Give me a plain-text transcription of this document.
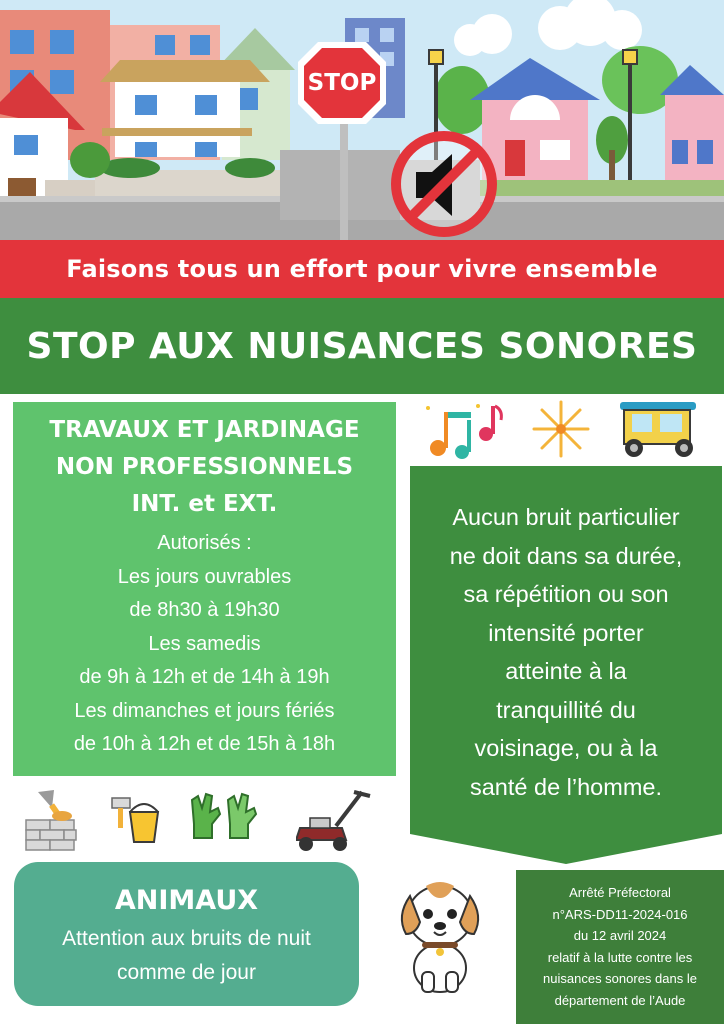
STOP
Faisons tous un effort pour vivre ensemble
STOP AUX NUISANCES SONORES
TRAVAUX ET JARDINAGE
NON PROFESSIONNELS
INT. et EXT.
Autorisés :
Les jours ouvrables
de 8h30 à 19h30
Les samedis
de 9h à 12h et de 14h à 19h
Les dimanches et jours fériés
de 10h à 12h et de 15h à 18h
Aucun bruit particulier
ne doit dans sa durée,
sa répétition ou son
intensité porter
atteinte à la
tranquillité du
voisinage, ou à la
santé de l’homme.
ANIMAUX
Attention aux bruits de nuit
comme de jour
Arrêté Préfectoral
n°ARS-DD11-2024-016
du 12 avril 2024
relatif à la lutte contre les
nuisances sonores dans le
département de l’Aude
